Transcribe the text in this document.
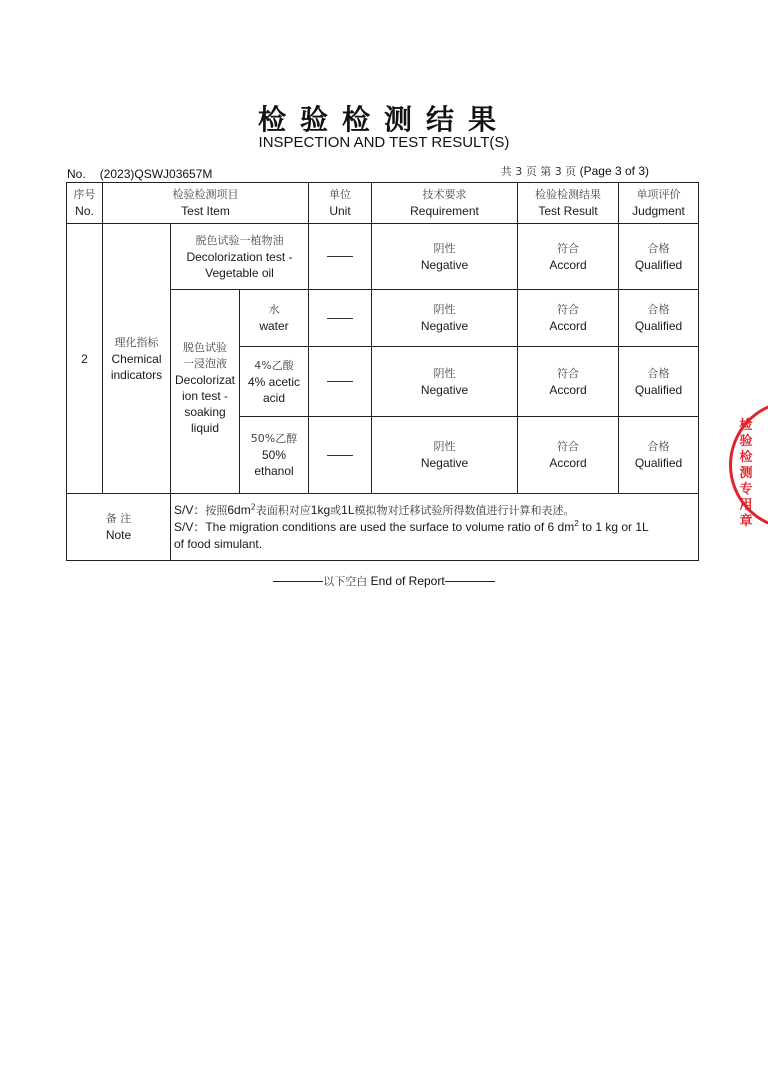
检验检测结果
INSPECTION AND TEST RESULT(S)
No. (2023)QSWJ03657M	共 3 页 第 3 页 (Page 3 of 3)
序号
No.
检验检测项目
Test Item
单位
Unit
技术要求
Requirement
检验检测结果
Test Result
单项评价
Judgment
2
理化指标
Chemical
indicators
脱色试验一植物油
Decolorization test -
Vegetable oil
阴性
Negative
符合
Accord
合格
Qualified
脱色试验
一浸泡液
Decolorizat
ion test -
soaking
liquid
水
water
阴性
Negative
符合
Accord
合格
Qualified
4%乙酸
4% acetic
acid
阴性
Negative
符合
Accord
合格
Qualified
50%乙醇
50%
ethanol
阴性
Negative
符合
Accord
合格
Qualified
备 注
Note
S/V：按照$6dm^2$表面积对应1kg或1L模拟物对迁移试验所得数值进行计算和表述。
S/V：The migration conditions are used the surface to volume ratio of 6 $dm^2$ to 1 kg or 1L
of food simulant.
以下空白 End of Report
检
验
检
测
专
用
章
